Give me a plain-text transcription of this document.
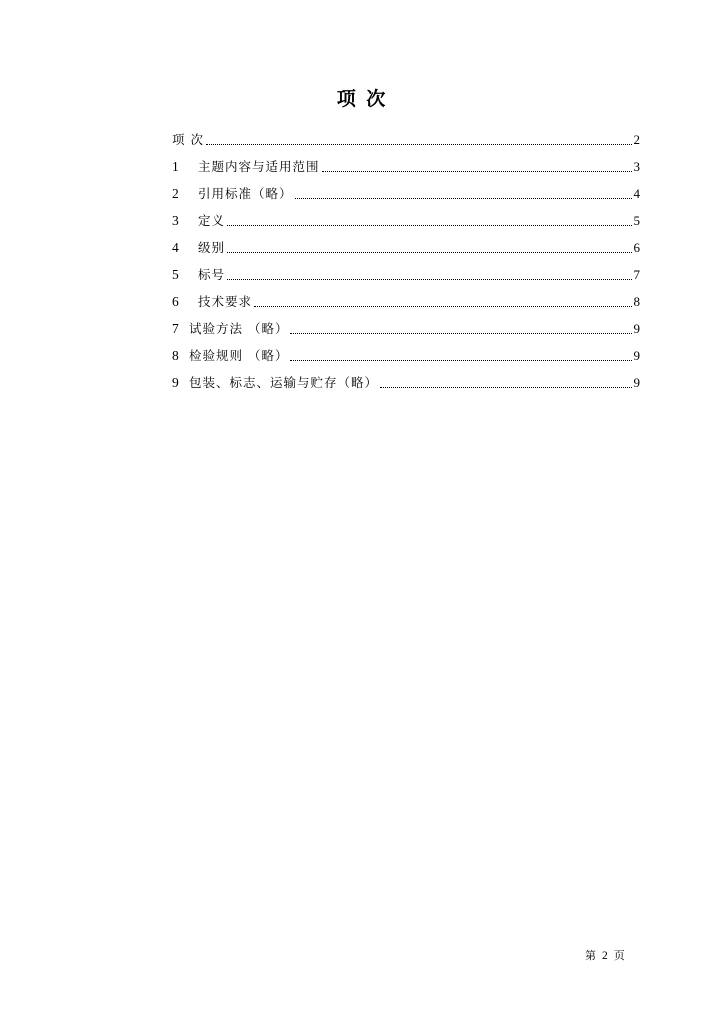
项 次
项 次	2
1	主题内容与适用范围	3
2	引用标准（略）	4
3	定义	5
4	级别	6
5	标号	7
6	技术要求	8
7 试验方法 （略）	9
8 检验规则 （略）	9
9 包装、标志、运输与贮存（略）	9
第 2 页
